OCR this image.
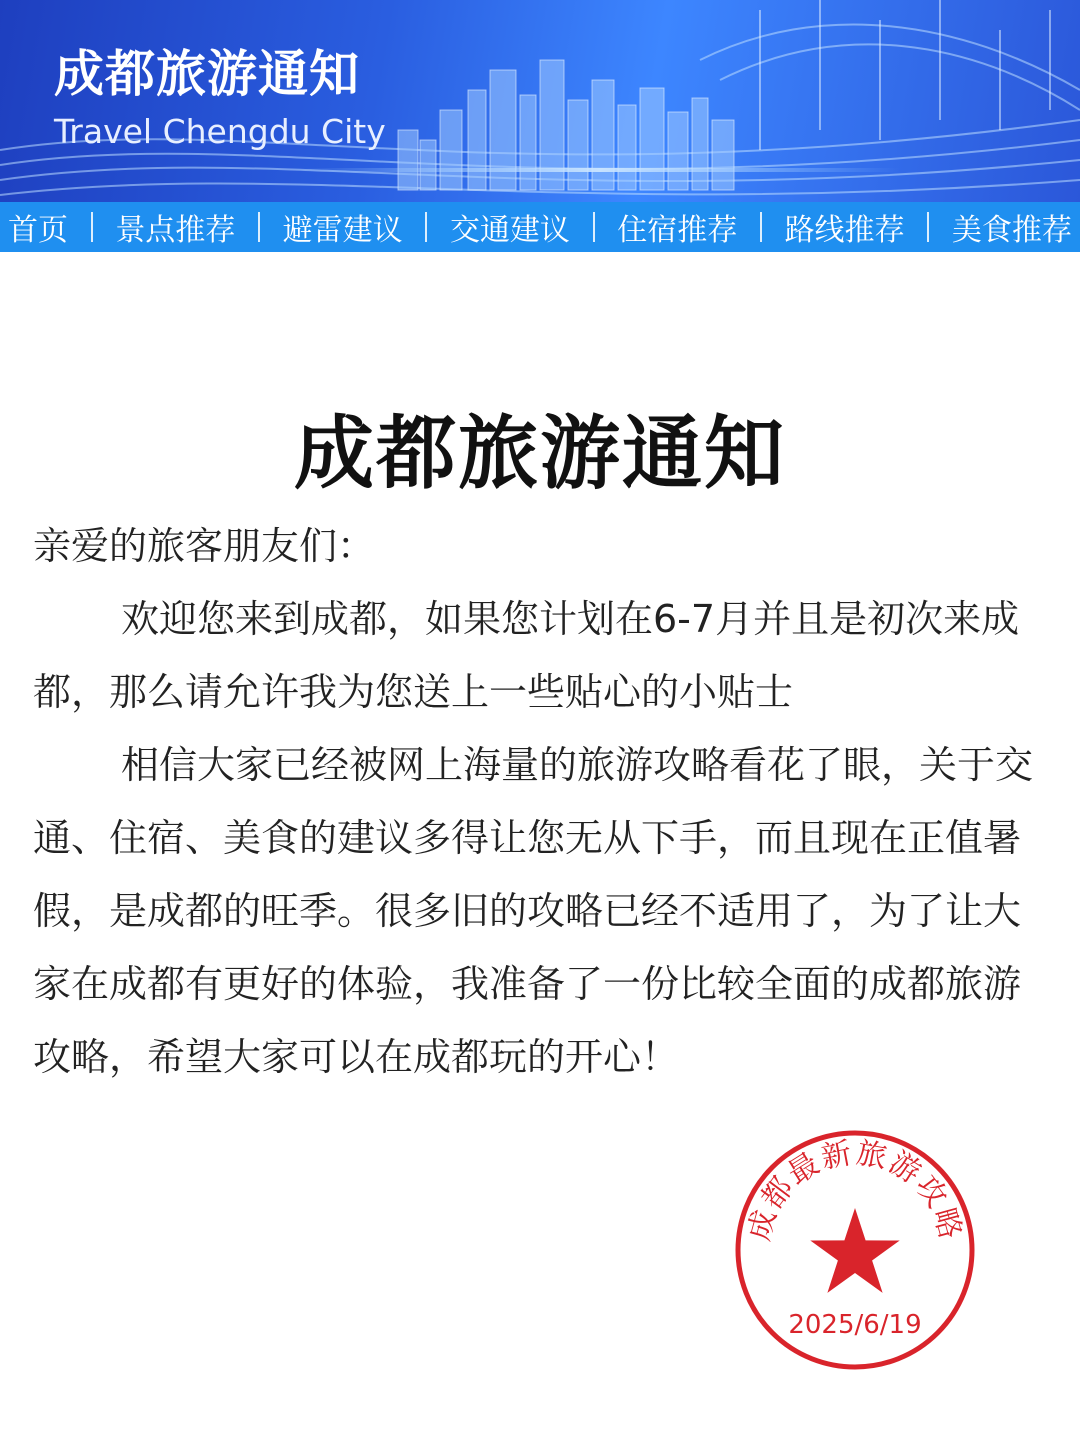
成都旅游通知
Travel Chengdu City
首页 景点推荐 避雷建议 交通建议 住宿推荐 路线推荐 美食推荐
成都旅游通知

亲爱的旅客朋友们：

欢迎您来到成都，如果您计划在6-7月并且是初次来成都，那么请允许我为您送上一些贴心的小贴士

相信大家已经被网上海量的旅游攻略看花了眼，关于交通、住宿、美食的建议多得让您无从下手，而且现在正值暑假，是成都的旺季。很多旧的攻略已经不适用了，为了让大家在成都有更好的体验，我准备了一份比较全面的成都旅游攻略，希望大家可以在成都玩的开心！

成都最新旅游攻略
2025/6/19
